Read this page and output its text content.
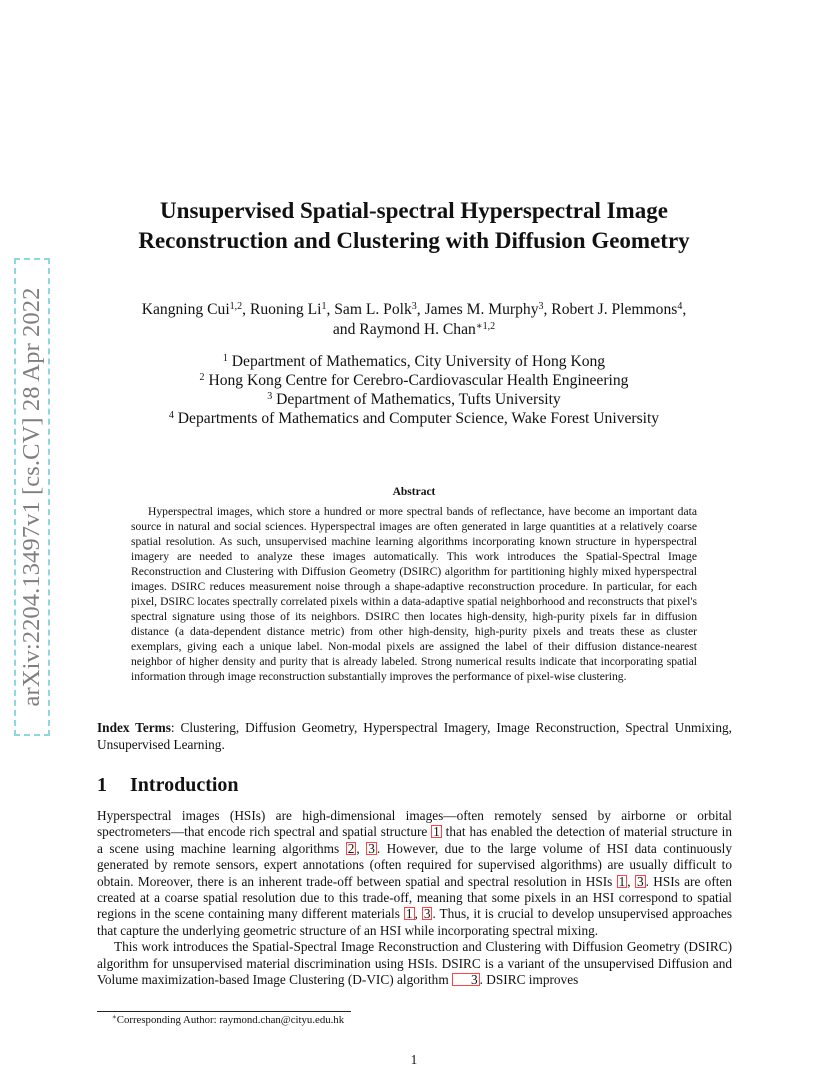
arXiv:2204.13497v1 [cs.CV] 28 Apr 2022
Unsupervised Spatial-spectral Hyperspectral Image Reconstruction and Clustering with Diffusion Geometry
Kangning Cui$^{1,2}$, Ruoning Li$^1$, Sam L. Polk$^3$, James M. Murphy$^3$, Robert J. Plemmons$^4$,
and Raymond H. Chan$^{∗1,2}$
$^1$ Department of Mathematics, City University of Hong Kong
$^2$ Hong Kong Centre for Cerebro-Cardiovascular Health Engineering
$^3$ Department of Mathematics, Tufts University
$^4$ Departments of Mathematics and Computer Science, Wake Forest University
Abstract

Hyperspectral images, which store a hundred or more spectral bands of reflectance, have become an important data source in natural and social sciences. Hyperspectral images are often generated in large quantities at a relatively coarse spatial resolution. As such, unsupervised machine learning algorithms incorporating known structure in hyperspectral imagery are needed to analyze these images automatically. This work introduces the Spatial-Spectral Image Reconstruction and Clustering with Diffusion Geometry (DSIRC) algorithm for partitioning highly mixed hyperspectral images. DSIRC reduces measurement noise through a shape-adaptive reconstruction procedure. In particular, for each pixel, DSIRC locates spectrally correlated pixels within a data-adaptive spatial neighborhood and reconstructs that pixel's spectral signature using those of its neighbors. DSIRC then locates high-density, high-purity pixels far in diffusion distance (a data-dependent distance metric) from other high-density, high-purity pixels and treats these as cluster exemplars, giving each a unique label. Non-modal pixels are assigned the label of their diffusion distance-nearest neighbor of higher density and purity that is already labeled. Strong numerical results indicate that incorporating spatial information through image reconstruction substantially improves the performance of pixel-wise clustering.

Index Terms: Clustering, Diffusion Geometry, Hyperspectral Imagery, Image Reconstruction, Spectral Unmixing, Unsupervised Learning.

1 Introduction

Hyperspectral images (HSIs) are high-dimensional images—often remotely sensed by airborne or orbital spectrometers—that encode rich spectral and spatial structure 1 that has enabled the detection of material structure in a scene using machine learning algorithms 2 , 3 . However, due to the large volume of HSI data continuously generated by remote sensors, expert annotations (often required for supervised algorithms) are usually difficult to obtain. Moreover, there is an inherent trade-off between spatial and spectral resolution in HSIs 1 , 3 . HSIs are often created at a coarse spatial resolution due to this trade-off, meaning that some pixels in an HSI correspond to spatial regions in the scene containing many different materials 1 , 3 . Thus, it is crucial to develop unsupervised approaches that capture the underlying geometric structure of an HSI while incorporating spectral mixing.

This work introduces the Spatial-Spectral Image Reconstruction and Clustering with Diffusion Geometry (DSIRC) algorithm for unsupervised material discrimination using HSIs. DSIRC is a variant of the unsupervised Diffusion and Volume maximization-based Image Clustering (D-VIC) algorithm 3 . DSIRC improves

∗Corresponding Author: raymond.chan@cityu.edu.hk
1
